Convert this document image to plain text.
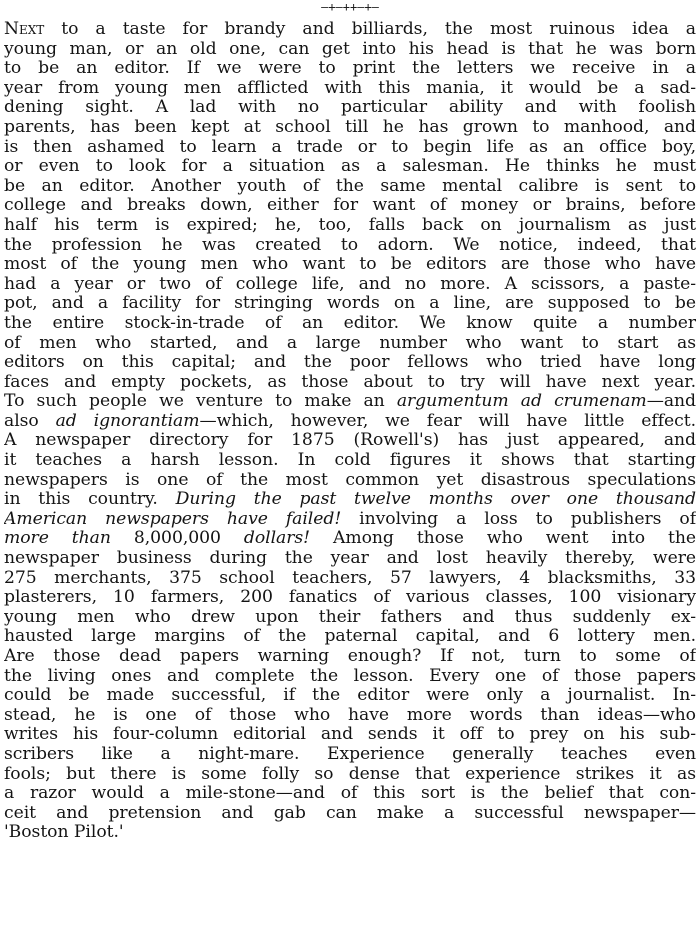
—+—++—+—
Next to a taste for brandy and billiards, the most ruinous idea a
young man, or an old one, can get into his head is that he was born
to be an editor. If we were to print the letters we receive in a
year from young men afflicted with this mania, it would be a sad-
dening sight. A lad with no particular ability and with foolish
parents, has been kept at school till he has grown to manhood, and
is then ashamed to learn a trade or to begin life as an office boy,
or even to look for a situation as a salesman. He thinks he must
be an editor. Another youth of the same mental calibre is sent to
college and breaks down, either for want of money or brains, before
half his term is expired; he, too, falls back on journalism as just
the profession he was created to adorn. We notice, indeed, that
most of the young men who want to be editors are those who have
had a year or two of college life, and no more. A scissors, a paste-
pot, and a facility for stringing words on a line, are supposed to be
the entire stock-in-trade of an editor. We know quite a number
of men who started, and a large number who want to start as
editors on this capital; and the poor fellows who tried have long
faces and empty pockets, as those about to try will have next year.
To such people we venture to make an argumentum ad crumenam—and
also ad ignorantiam—which, however, we fear will have little effect.
A newspaper directory for 1875 (Rowell's) has just appeared, and
it teaches a harsh lesson. In cold figures it shows that starting
newspapers is one of the most common yet disastrous speculations
in this country. During the past twelve months over one thousand
American newspapers have failed! involving a loss to publishers of
more than 8,000,000 dollars! Among those who went into the
newspaper business during the year and lost heavily thereby, were
275 merchants, 375 school teachers, 57 lawyers, 4 blacksmiths, 33
plasterers, 10 farmers, 200 fanatics of various classes, 100 visionary
young men who drew upon their fathers and thus suddenly ex-
hausted large margins of the paternal capital, and 6 lottery men.
Are those dead papers warning enough? If not, turn to some of
the living ones and complete the lesson. Every one of those papers
could be made successful, if the editor were only a journalist. In-
stead, he is one of those who have more words than ideas—who
writes his four-column editorial and sends it off to prey on his sub-
scribers like a night-mare. Experience generally teaches even
fools; but there is some folly so dense that experience strikes it as
a razor would a mile-stone—and of this sort is the belief that con-
ceit and pretension and gab can make a successful newspaper—
'Boston Pilot.'
